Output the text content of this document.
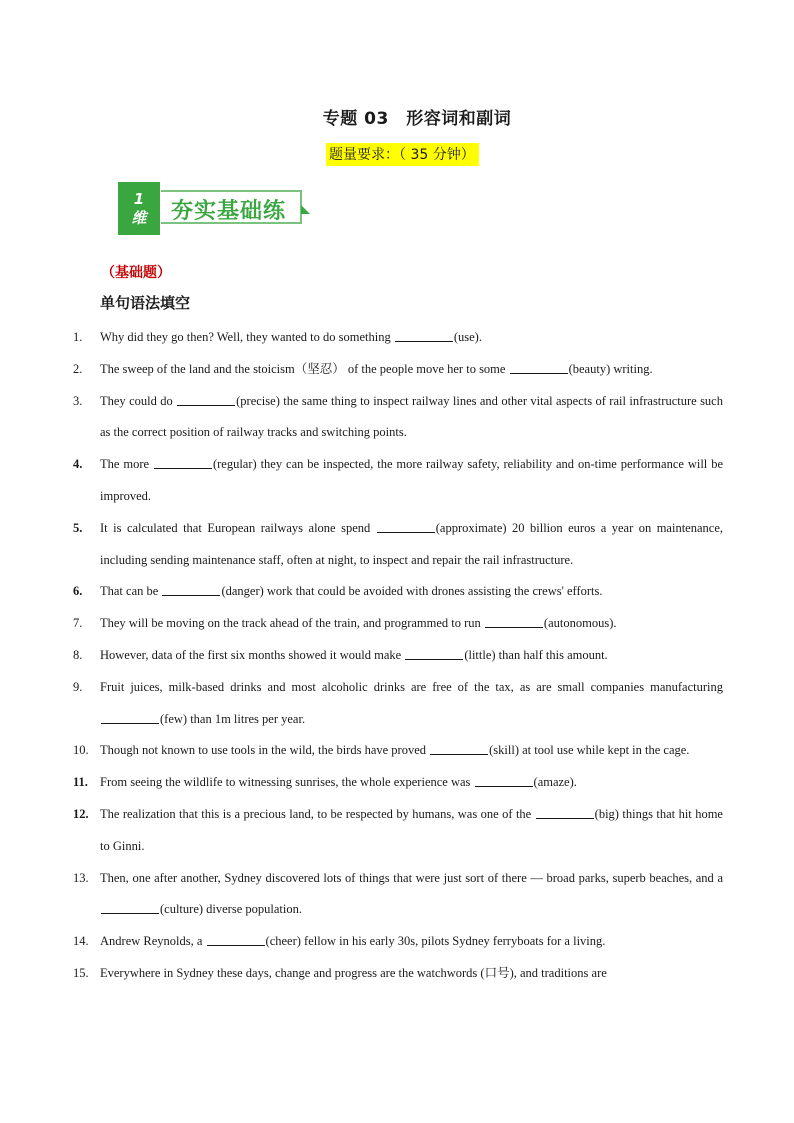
专题 03　形容词和副词
题量要求：（ 35 分钟）
1
维 夯实基础练
（基础题）
单句语法填空
1. Why did they go then? Well, they wanted to do something	(use).
2. The sweep of the land and the stoicism（坚忍） of the people move her to some	(beauty) writing.
3. They could do	(precise) the same thing to inspect railway lines and other vital aspects of rail infrastructure such as the correct position of railway tracks and switching points.
4. The more	(regular) they can be inspected, the more railway safety, reliability and on-time performance will be improved.
5. It is calculated that European railways alone spend	(approximate) 20 billion euros a year on maintenance, including sending maintenance staff, often at night, to inspect and repair the rail infrastructure.
6. That can be	(danger) work that could be avoided with drones assisting the crews' efforts.
7. They will be moving on the track ahead of the train, and programmed to run	(autonomous).
8. However, data of the first six months showed it would make	(little) than half this amount.
9. Fruit juices, milk-based drinks and most alcoholic drinks are free of the tax, as are small companies manufacturing (few) than 1m litres per year.
10. Though not known to use tools in the wild, the birds have proved	(skill) at tool use while kept in the cage.
11. From seeing the wildlife to witnessing sunrises, the whole experience was	(amaze).
12. The realization that this is a precious land, to be respected by humans, was one of the	(big) things that hit home to Ginni.
13. Then, one after another, Sydney discovered lots of things that were just sort of there — broad parks, superb beaches, and a (culture) diverse population.
14. Andrew Reynolds, a	(cheer) fellow in his early 30s, pilots Sydney ferryboats for a living.
15. Everywhere in Sydney these days, change and progress are the watchwords (口号), and traditions are
